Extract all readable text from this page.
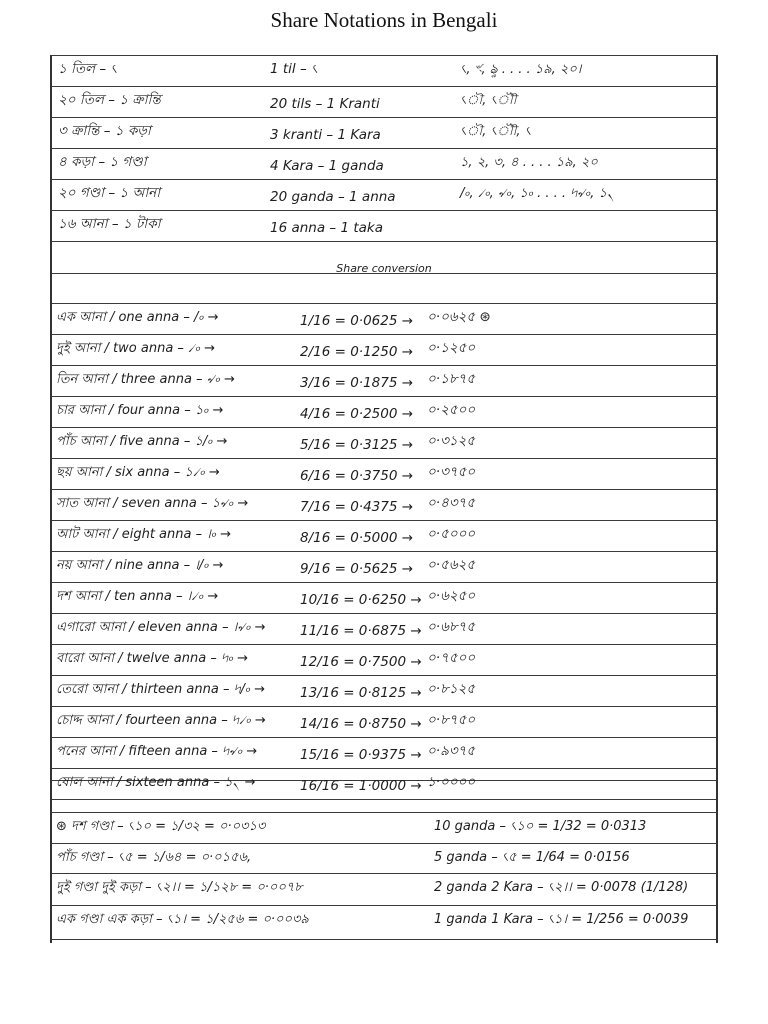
Share Notations in Bengali
Share conversion
১ তিল – ৻	1 til – ৻	৻, ৼ, ৡ . . . . ১৯, ২০।
২০ তিল – ১ ক্রান্তি	20 tils – 1 Kranti	৻ৗ, ৻ৗৗ
৩ ক্রান্তি – ১ কড়া	3 kranti – 1 Kara	৻ৗ, ৻ৗৗ, ৻
৪ কড়া – ১ গণ্ডা	4 Kara – 1 ganda	১, ২, ৩, ৪ . . . . ১৯, ২০
২০ গণ্ডা – ১ আনা	20 ganda – 1 anna	/৹, ৴৹, ৵৹, ১৹ . . . . ৸৵৹, ১৲
১৬ আনা – ১ টাকা	16 anna – 1 taka
এক আনা / one anna – /৹ →	1/16 = 0·0625 → ০·০৬২৫ ⊛
দুই আনা / two anna – ৴৹ →	2/16 = 0·1250 → ০·১২৫০
তিন আনা / three anna – ৵৹ →	3/16 = 0·1875 → ০·১৮৭৫
চার আনা / four anna – ১৹ →	4/16 = 0·2500 → ০·২৫০০
পাঁচ আনা / five anna – ১/৹ →	5/16 = 0·3125 → ০·৩১২৫
ছয় আনা / six anna – ১৴৹ →	6/16 = 0·3750 → ০·৩৭৫০
সাত আনা / seven anna – ১৵৹ →	7/16 = 0·4375 → ০·৪৩৭৫
আট আনা / eight anna – ।৹ →	8/16 = 0·5000 → ০·৫০০০
নয় আনা / nine anna – ।/৹ →	9/16 = 0·5625 → ০·৫৬২৫
দশ আনা / ten anna – ।৴৹ →	10/16 = 0·6250 → ০·৬২৫০
এগারো আনা / eleven anna – ।৵৹ →	11/16 = 0·6875 → ০·৬৮৭৫
বারো আনা / twelve anna – ৸৹ →	12/16 = 0·7500 → ০·৭৫০০
তেরো আনা / thirteen anna – ৸/৹ →	13/16 = 0·8125 → ০·৮১২৫
চোদ্দ আনা / fourteen anna – ৸৴৹ →	14/16 = 0·8750 → ০·৮৭৫০
পনের আনা / fifteen anna – ৸৵৹ →	15/16 = 0·9375 → ০·৯৩৭৫
ষোল আনা / sixteen anna – ১৲ →	16/16 = 1·0000 → ১·০০০০
⊛ দশ গণ্ডা – ৻১০ = ১/৩২ = ০·০৩১৩	10 ganda – ৻১০ = 1/32 = 0·0313
পাঁচ গণ্ডা – ৻৫ = ১/৬৪ = ০·০১৫৬,	5 ganda – ৻৫ = 1/64 = 0·0156
দুই গণ্ডা দুই কড়া – ৻২।। = ১/১২৮ = ০·০০৭৮	2 ganda 2 Kara – ৻২।। = 0·0078 (1/128)
এক গণ্ডা এক কড়া – ৻১। = ১/২৫৬ = ০·০০৩৯	1 ganda 1 Kara – ৻১। = 1/256 = 0·0039
